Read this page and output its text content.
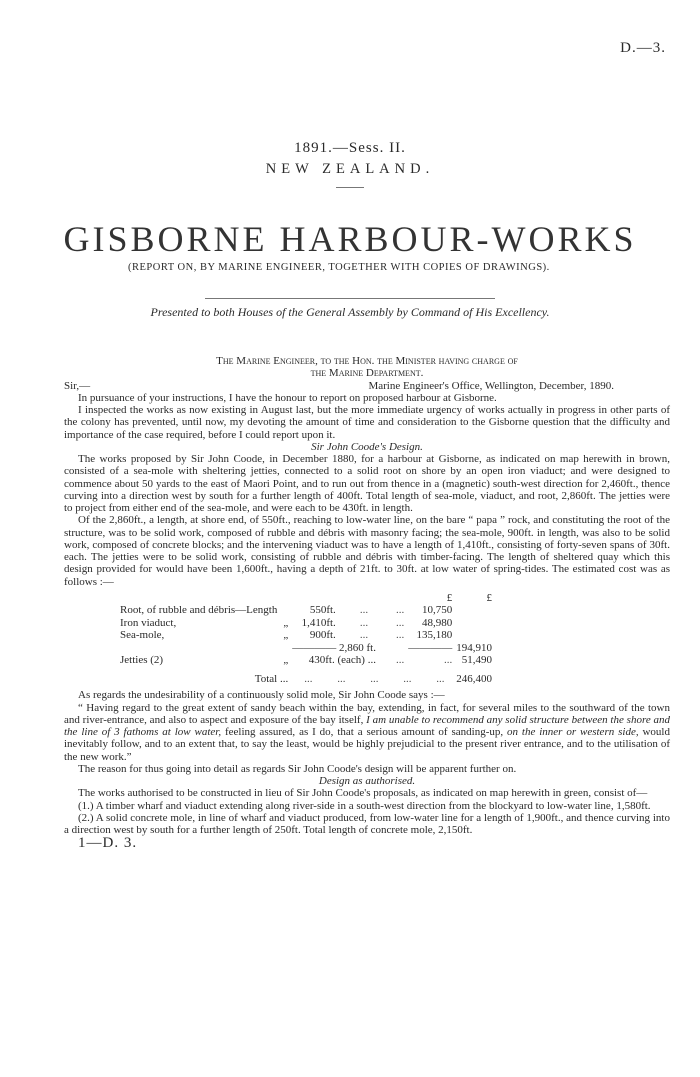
D.—3.
1891.—Sess. II.
NEW ZEALAND.
GISBORNE HARBOUR-WORKS
(REPORT ON, BY MARINE ENGINEER, TOGETHER WITH COPIES OF DRAWINGS).
Presented to both Houses of the General Assembly by Command of His Excellency.
The Marine Engineer, to the Hon. the Minister having charge of
the Marine Department.
Sir,—	Marine Engineer's Office, Wellington, December, 1890.

In pursuance of your instructions, I have the honour to report on proposed harbour at Gisborne.

I inspected the works as now existing in August last, but the more immediate urgency of works actually in progress in other parts of the colony has prevented, until now, my devoting the amount of time and consideration to the Gisborne question that the difficulty and importance of the case required, before I could report upon it.

Sir John Coode's Design.

The works proposed by Sir John Coode, in December 1880, for a harbour at Gisborne, as indicated on map herewith in brown, consisted of a sea-mole with sheltering jetties, connected to a solid root on shore by an open iron viaduct; and were designed to commence about 50 yards to the east of Maori Point, and to run out from thence in a (magnetic) south-west direction for 2,460ft., thence curving into a direction west by south for a further length of 400ft. Total length of sea-mole, viaduct, and root, 2,860ft. The jetties were to project from either end of the sea-mole, and were each to be 430ft. in length.

Of the 2,860ft., a length, at shore end, of 550ft., reaching to low-water line, on the bare “ papa ” rock, and constituting the root of the structure, was to be solid work, composed of rubble and débris with masonry facing; the sea-mole, 900ft. in length, was also to be solid work, composed of concrete blocks; and the intervening viaduct was to have a length of 1,410ft., consisting of forty-seven spans of 30ft. each. The jetties were to be solid work, consisting of rubble and débris with timber-facing. The length of sheltered quay which this design provided for would have been 1,600ft., having a depth of 21ft. to 30ft. at low water of spring-tides. The estimated cost was as follows :—

					£	£
Root, of rubble and débris—Length		550ft.	...	...	10,750	
Iron viaduct,	„	1,410ft.	...	...	48,980	
Sea-mole,	„	900ft.	...	...	135,180	
		———— 2,860 ft.			————	194,910
Jetties (2)	„	430ft. (each) ...		...	...	51,490
Total ...		... ... ... ... ...				246,400

As regards the undesirability of a continuously solid mole, Sir John Coode says :—

“ Having regard to the great extent of sandy beach within the bay, extending, in fact, for several miles to the southward of the town and river-entrance, and also to aspect and exposure of the bay itself, I am unable to recommend any solid structure between the shore and the line of 3 fathoms at low water, feeling assured, as I do, that a serious amount of sanding-up, on the inner or western side, would inevitably follow, and to an extent that, to say the least, would be highly prejudicial to the present river entrance, and to the utilisation of the new work.”

The reason for thus going into detail as regards Sir John Coode's design will be apparent further on.

Design as authorised.

The works authorised to be constructed in lieu of Sir John Coode's proposals, as indicated on map herewith in green, consist of—

(1.) A timber wharf and viaduct extending along river-side in a south-west direction from the blockyard to low-water line, 1,580ft.

(2.) A solid concrete mole, in line of wharf and viaduct produced, from low-water line for a length of 1,900ft., and thence curving into a direction west by south for a further length of 250ft. Total length of concrete mole, 2,150ft.

1—D. 3.
